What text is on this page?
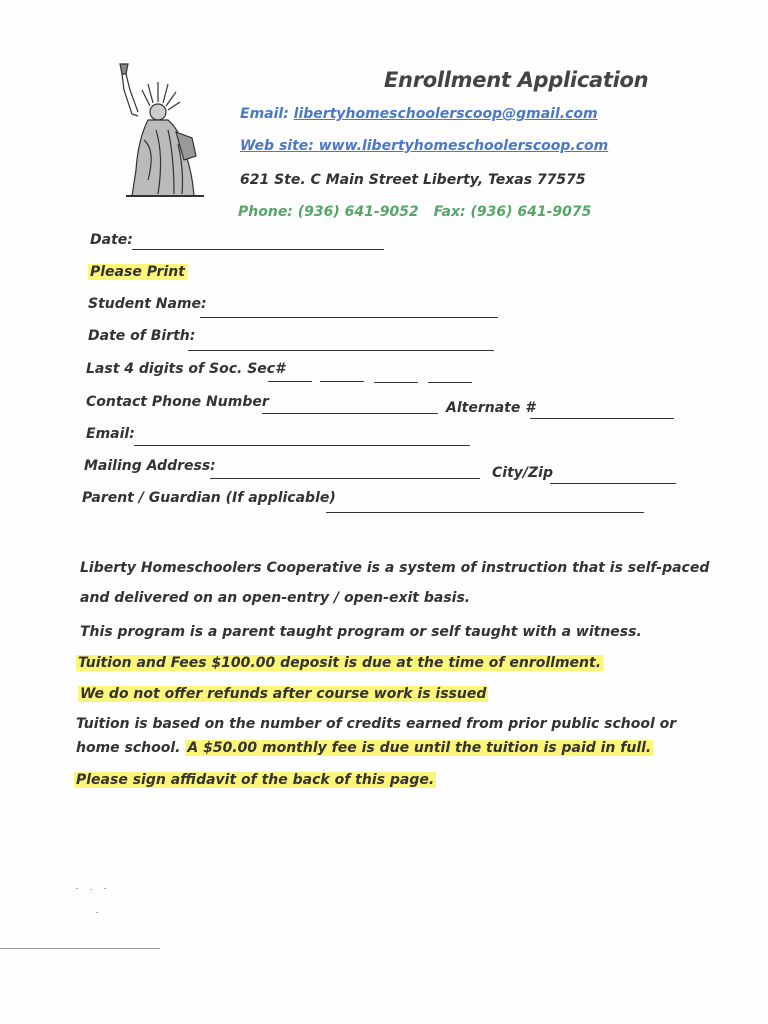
Enrollment Application
Email: libertyhomeschoolerscoop@gmail.com
Web site: www.libertyhomeschoolerscoop.com
621 Ste. C Main Street Liberty, Texas 77575
Phone: (936) 641-9052 Fax: (936) 641-9075
Date:
Please Print
Student Name:
Date of Birth:
Last 4 digits of Soc. Sec#
Contact Phone Number	Alternate #
Email:
Mailing Address:	City/Zip
Parent / Guardian (If applicable)
Liberty Homeschoolers Cooperative is a system of instruction that is self-paced
and delivered on an open-entry / open-exit basis.
This program is a parent taught program or self taught with a witness.
Tuition and Fees $100.00 deposit is due at the time of enrollment.
We do not offer refunds after course work is issued
Tuition is based on the number of credits earned from prior public school or
home school. A $50.00 monthly fee is due until the tuition is paid in full.
Please sign affidavit of the back of this page.
